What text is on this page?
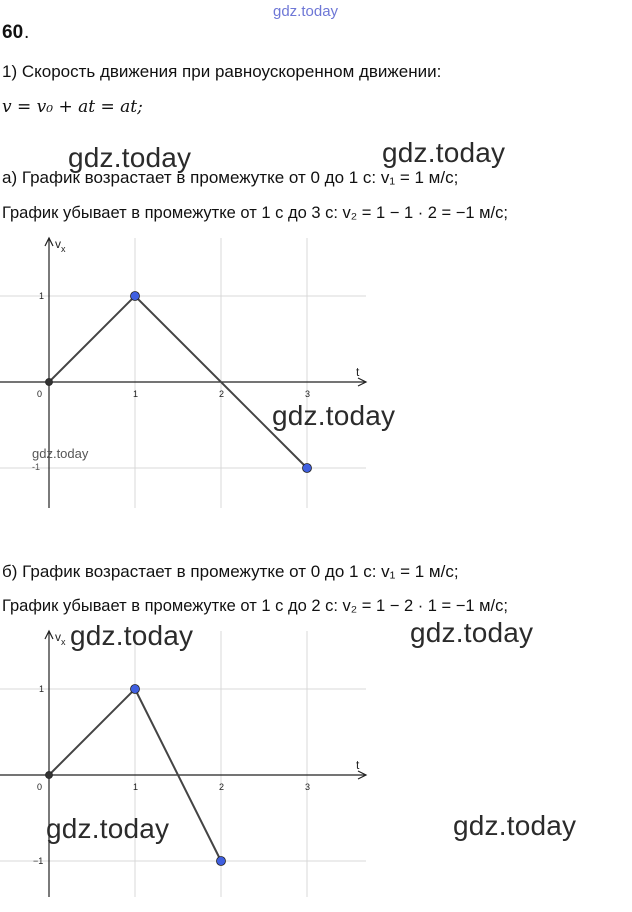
gdz.today
60 .
1) Скорость движения при равноускоренном движении:
v = v₀ + at = at;
gdz.today	gdz.today
а) График возрастает в промежутке от 0 до 1 с: v₁ = 1 м/с;
График убывает в промежутке от 1 с до 3 с: v₂ = 1 − 1 · 2 = −1 м/с;
t
$v_x$
0	1	2	3
1
gdz.today
gdz.today
-1
б) График возрастает в промежутке от 0 до 1 с: v₁ = 1 м/с;
График убывает в промежутке от 1 с до 2 с: v₂ = 1 − 2 · 1 = −1 м/с;
t
$v_x$
0	1	2	3
1
−1
gdz.today	gdz.today
gdz.today	gdz.today
